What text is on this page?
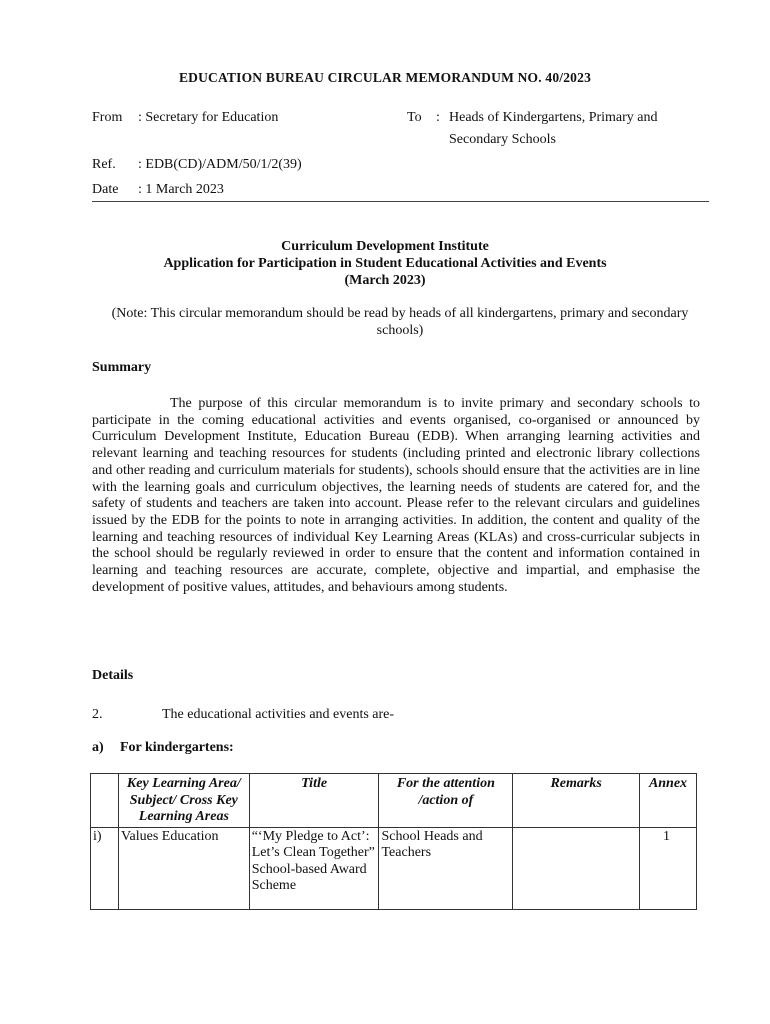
EDUCATION BUREAU CIRCULAR MEMORANDUM NO. 40/2023
From : Secretary for Education	To : Heads of Kindergartens, Primary and
Secondary Schools
Ref. : EDB(CD)/ADM/50/1/2(39)
Date : 1 March 2023
Curriculum Development Institute
Application for Participation in Student Educational Activities and Events
(March 2023)
(Note: This circular memorandum should be read by heads of all kindergartens, primary and secondary schools)
Summary
The purpose of this circular memorandum is to invite primary and secondary schools to participate in the coming educational activities and events organised, co-organised or announced by Curriculum Development Institute, Education Bureau (EDB). When arranging learning activities and relevant learning and teaching resources for students (including printed and electronic library collections and other reading and curriculum materials for students), schools should ensure that the activities are in line with the learning goals and curriculum objectives, the learning needs of students are catered for, and the safety of students and teachers are taken into account. Please refer to the relevant circulars and guidelines issued by the EDB for the points to note in arranging activities. In addition, the content and quality of the learning and teaching resources of individual Key Learning Areas (KLAs) and cross-curricular subjects in the school should be regularly reviewed in order to ensure that the content and information contained in learning and teaching resources are accurate, complete, objective and impartial, and emphasise the development of positive values, attitudes, and behaviours among students.
Details
2.	The educational activities and events are-
a) For kindergartens:
	Key Learning Area/ Subject/ Cross Key Learning Areas	Title	For the attention /action of	Remarks	Annex
i)	Values Education	“‘My Pledge to Act’: Let’s Clean Together” School-based Award Scheme	School Heads and Teachers		1
